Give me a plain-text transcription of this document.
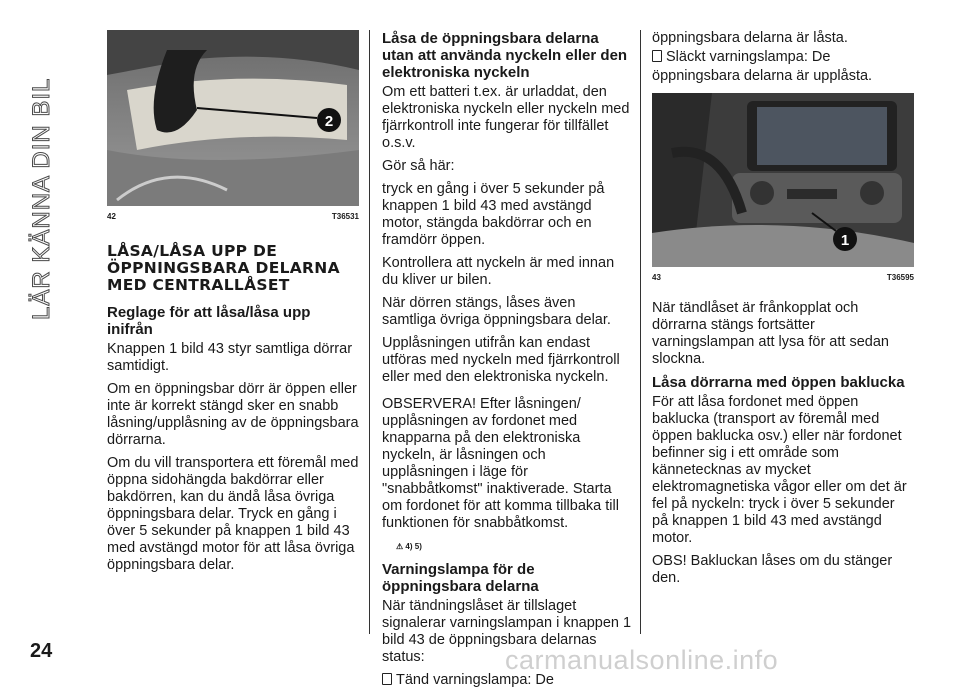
LÄR KÄNNA DIN BIL
24
2
42	T36531
LÅSA/LÅSA UPP DE ÖPPNINGSBARA DELARNA MED CENTRALLÅSET
Reglage för att låsa/låsa upp inifrån

Knappen 1 bild 43 styr samtliga dörrar samtidigt.

Om en öppningsbar dörr är öppen eller inte är korrekt stängd sker en snabb låsning/upplåsning av de öppningsbara dörrarna.

Om du vill transportera ett föremål med öppna sidohängda bakdörrar eller bakdörren, kan du ändå låsa övriga öppningsbara delar. Tryck en gång i över 5 sekunder på knappen 1 bild 43 med avstängd motor för att låsa övriga öppningsbara delar.

Låsa de öppningsbara delarna utan att använda nyckeln eller den elektroniska nyckeln

Om ett batteri t.ex. är urladdat, den elektroniska nyckeln eller nyckeln med fjärrkontroll inte fungerar för tillfället o.s.v.

Gör så här:

tryck en gång i över 5 sekunder på knappen 1 bild 43 med avstängd motor, stängda bakdörrar och en framdörr öppen.

Kontrollera att nyckeln är med innan du kliver ur bilen.

När dörren stängs, låses även samtliga övriga öppningsbara delar.

Upplåsningen utifrån kan endast utföras med nyckeln med fjärrkontroll eller med den elektroniska nyckeln.

OBSERVERA! Efter låsningen/ upplåsningen av fordonet med knapparna på den elektroniska nyckeln, är låsningen och upplåsningen i läge för "snabbåtkomst" inaktiverade. Starta om fordonet för att komma tillbaka till funktionen för snabbåtkomst.

⚠ 4) 5)
Varningslampa för de öppningsbara delarna

När tändningslåset är tillslaget signalerar varningslampan i knappen 1 bild 43 de öppningsbara delarnas status:

Tänd varningslampa: De

öppningsbara delarna är låsta.

Släckt varningslampa: De

öppningsbara delarna är upplåsta.

1
43	T36595

När tändlåset är frånkopplat och dörrarna stängs fortsätter varningslampan att lysa för att sedan slockna.

Låsa dörrarna med öppen baklucka

För att låsa fordonet med öppen baklucka (transport av föremål med öppen baklucka osv.) eller när fordonet befinner sig i ett område som kännetecknas av mycket elektromagnetiska vågor eller om det är fel på nyckeln: tryck i över 5 sekunder på knappen 1 bild 43 med avstängd motor.

OBS! Bakluckan låses om du stänger den.

carmanualsonline.info
